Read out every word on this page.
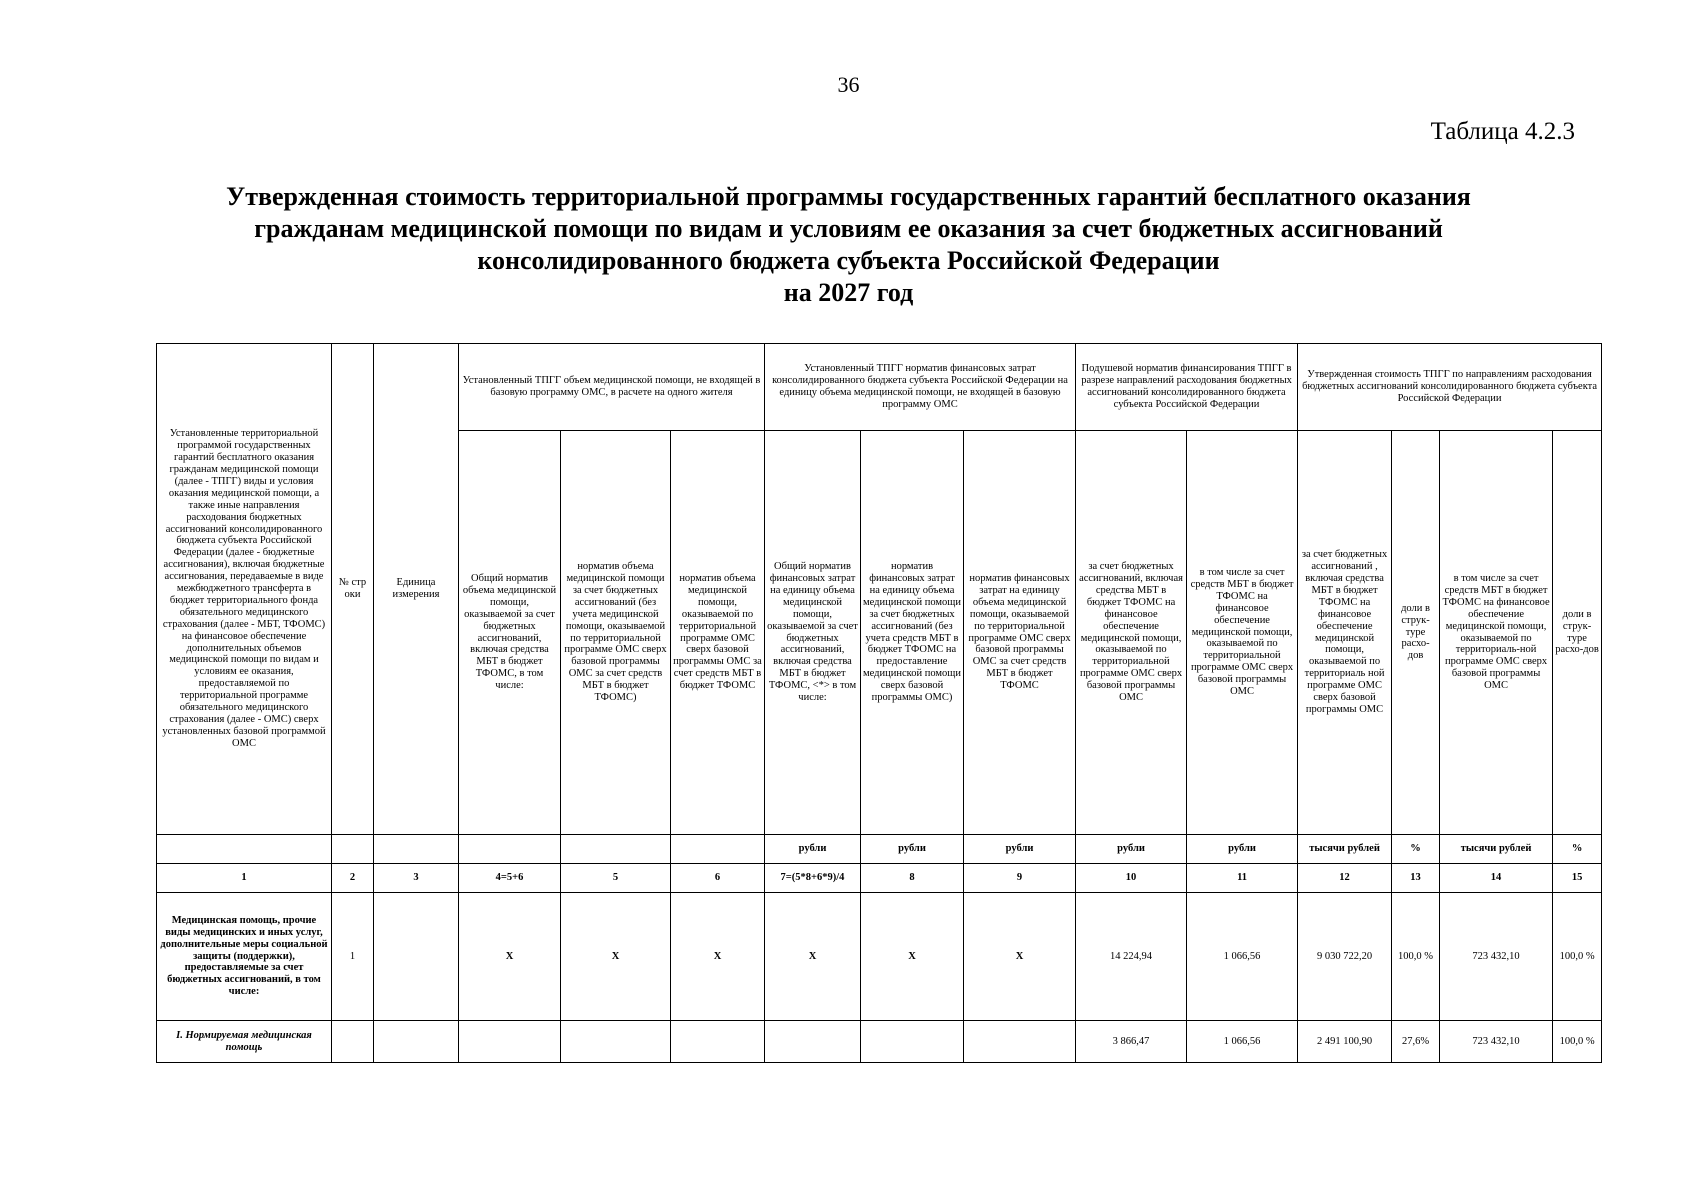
36
Таблица 4.2.3
Утвержденная стоимость территориальной программы государственных гарантий бесплатного оказания
гражданам медицинской помощи по видам и условиям ее оказания за счет бюджетных ассигнований
консолидированного бюджета субъекта Российской Федерации
на 2027 год
Установленные территориальной программой государственных гарантий бесплатного оказания гражданам медицинской помощи (далее - ТПГГ) виды и условия оказания медицинской помощи, а также иные направления расходования бюджетных ассигнований консолидированного бюджета субъекта Российской Федерации (далее - бюджетные ассигнования), включая бюджетные ассигнования, передаваемые в виде межбюджетного трансферта в бюджет территориального фонда обязательного медицинского страхования (далее - МБТ, ТФОМС) на финансовое обеспечение дополнительных объемов медицинской помощи по видам и условиям ее оказания, предоставляемой по территориальной программе обязательного медицинского страхования (далее - ОМС) сверх установленных базовой программой ОМС	№ стр оки	Единица измерения	Установленный ТПГГ объем медицинской помощи, не входящей в базовую программу ОМС, в расчете на одного жителя			Установленный ТПГГ норматив финансовых затрат консолидированного бюджета субъекта Российской Федерации на единицу объема медицинской помощи, не входящей в базовую программу ОМС			Подушевой норматив финансирования ТПГГ в разрезе направлений расходования бюджетных ассигнований консолидированного бюджета субъекта Российской Федерации		Утвержденная стоимость ТПГГ по направлениям расходования бюджетных ассигнований консолидированного бюджета субъекта Российской Федерации			
			Общий норматив объема медицинской помощи, оказываемой за счет бюджетных ассигнований, включая средства МБТ в бюджет ТФОМС, в том числе:	норматив объема медицинской помощи за счет бюджетных ассигнований (без учета медицинской помощи, оказываемой по территориальной программе ОМС сверх базовой программы ОМС за счет средств МБТ в бюджет ТФОМС)	норматив объема медицинской помощи, оказываемой по территориальной программе ОМС сверх базовой программы ОМС за счет средств МБТ в бюджет ТФОМС	Общий норматив финансовых затрат на единицу объема медицинской помощи, оказываемой за счет бюджетных ассигнований, включая средства МБТ в бюджет ТФОМС, <*> в том числе:	норматив финансовых затрат на единицу объема медицинской помощи за счет бюджетных ассигнований (без учета средств МБТ в бюджет ТФОМС на предоставление медицинской помощи сверх базовой программы ОМС)	норматив финансовых затрат на единицу объема медицинской помощи, оказываемой по территориальной программе ОМС сверх базовой программы ОМС за счет средств МБТ в бюджет ТФОМС	за счет бюджетных ассигнований, включая средства МБТ в бюджет ТФОМС на финансовое обеспечение медицинской помощи, оказываемой по территориальной программе ОМС сверх базовой программы ОМС	в том числе за счет средств МБТ в бюджет ТФОМС на финансовое обеспечение медицинской помощи, оказываемой по территориальной программе ОМС сверх базовой программы ОМС	за счет бюджетных ассигнований , включая средства МБТ в бюджет ТФОМС на финансовое обеспечение медицинской помощи, оказываемой по территориаль ной программе ОМС сверх базовой программы ОМС	доли в струк-туре расхо-дов	в том числе за счет средств МБТ в бюджет ТФОМС на финансовое обеспечение медицинской помощи, оказываемой по территориаль-ной программе ОМС сверх базовой программы ОМС	доли в струк-туре расхо-дов
						рубли	рубли	рубли	рубли	рубли	тысячи рублей	%	тысячи рублей	%
1	2	3	4=5+6	5	6	7=(5*8+6*9)/4	8	9	10	11	12	13	14	15
Медицинская помощь, прочие виды медицинских и иных услуг, дополнительные меры социальной защиты (поддержки), предоставляемые за счет бюджетных ассигнований, в том числе:	1		X	X	X	X	X	X	14 224,94	1 066,56	9 030 722,20	100,0 %	723 432,10	100,0 %
I. Нормируемая медицинская помощь									3 866,47	1 066,56	2 491 100,90	27,6%	723 432,10	100,0 %
